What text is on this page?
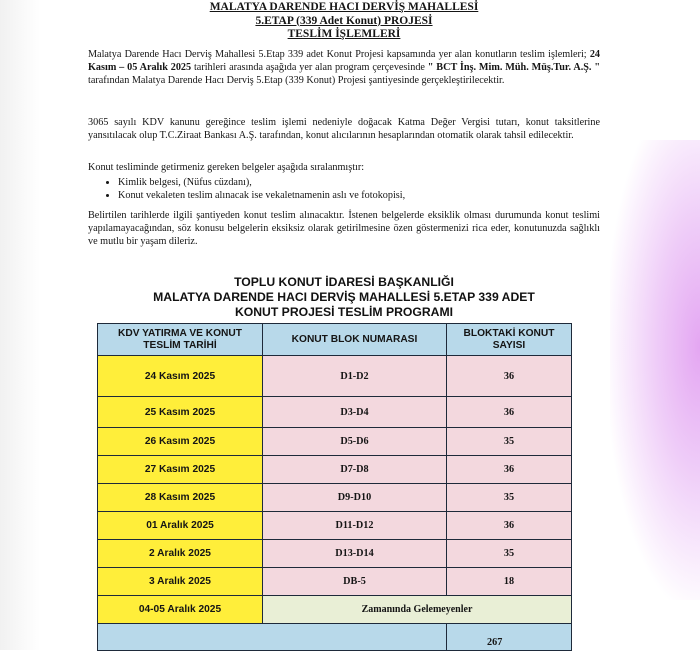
MALATYA DARENDE HACI DERVİŞ MAHALLESİ
5.ETAP (339 Adet Konut) PROJESİ
TESLİM İŞLEMLERİ

Malatya Darende Hacı Derviş Mahallesi 5.Etap 339 adet Konut Projesi kapsamında yer alan konutların teslim işlemleri; 24 Kasım – 05 Aralık 2025 tarihleri arasında aşağıda yer alan program çerçevesinde " BCT İnş. Mim. Müh. Müş.Tur. A.Ş. " tarafından Malatya Darende Hacı Derviş 5.Etap (339 Konut) Projesi şantiyesinde gerçekleştirilecektir.

3065 sayılı KDV kanunu gereğince teslim işlemi nedeniyle doğacak Katma Değer Vergisi tutarı, konut taksitlerine yansıtılacak olup T.C.Ziraat Bankası A.Ş. tarafından, konut alıcılarının hesaplarından otomatik olarak tahsil edilecektir.

Konut tesliminde getirmeniz gereken belgeler aşağıda sıralanmıştır:

• Kimlik belgesi, (Nüfus cüzdanı),
• Konut vekaleten teslim alınacak ise vekaletnamenin aslı ve fotokopisi,

Belirtilen tarihlerde ilgili şantiyeden konut teslim alınacaktır. İstenen belgelerde eksiklik olması durumunda konut teslimi yapılamayacağından, söz konusu belgelerin eksiksiz olarak getirilmesine özen göstermenizi rica eder, konutunuzda sağlıklı ve mutlu bir yaşam dileriz.

TOPLU KONUT İDARESİ BAŞKANLIĞI
MALATYA DARENDE HACI DERVİŞ MAHALLESİ 5.ETAP 339 ADET
KONUT PROJESİ TESLİM PROGRAMI
KDV YATIRMA VE KONUT TESLİM TARİHİ	KONUT BLOK NUMARASI	BLOKTAKİ KONUT SAYISI
24 Kasım 2025	D1-D2	36
25 Kasım 2025	D3-D4	36
26 Kasım 2025	D5-D6	35
27 Kasım 2025	D7-D8	36
28 Kasım 2025	D9-D10	35
01 Aralık 2025	D11-D12	36
2 Aralık 2025	D13-D14	35
3 Aralık 2025	DB-5	18
04-05 Aralık 2025	Zamanında Gelemeyenler	
		267
